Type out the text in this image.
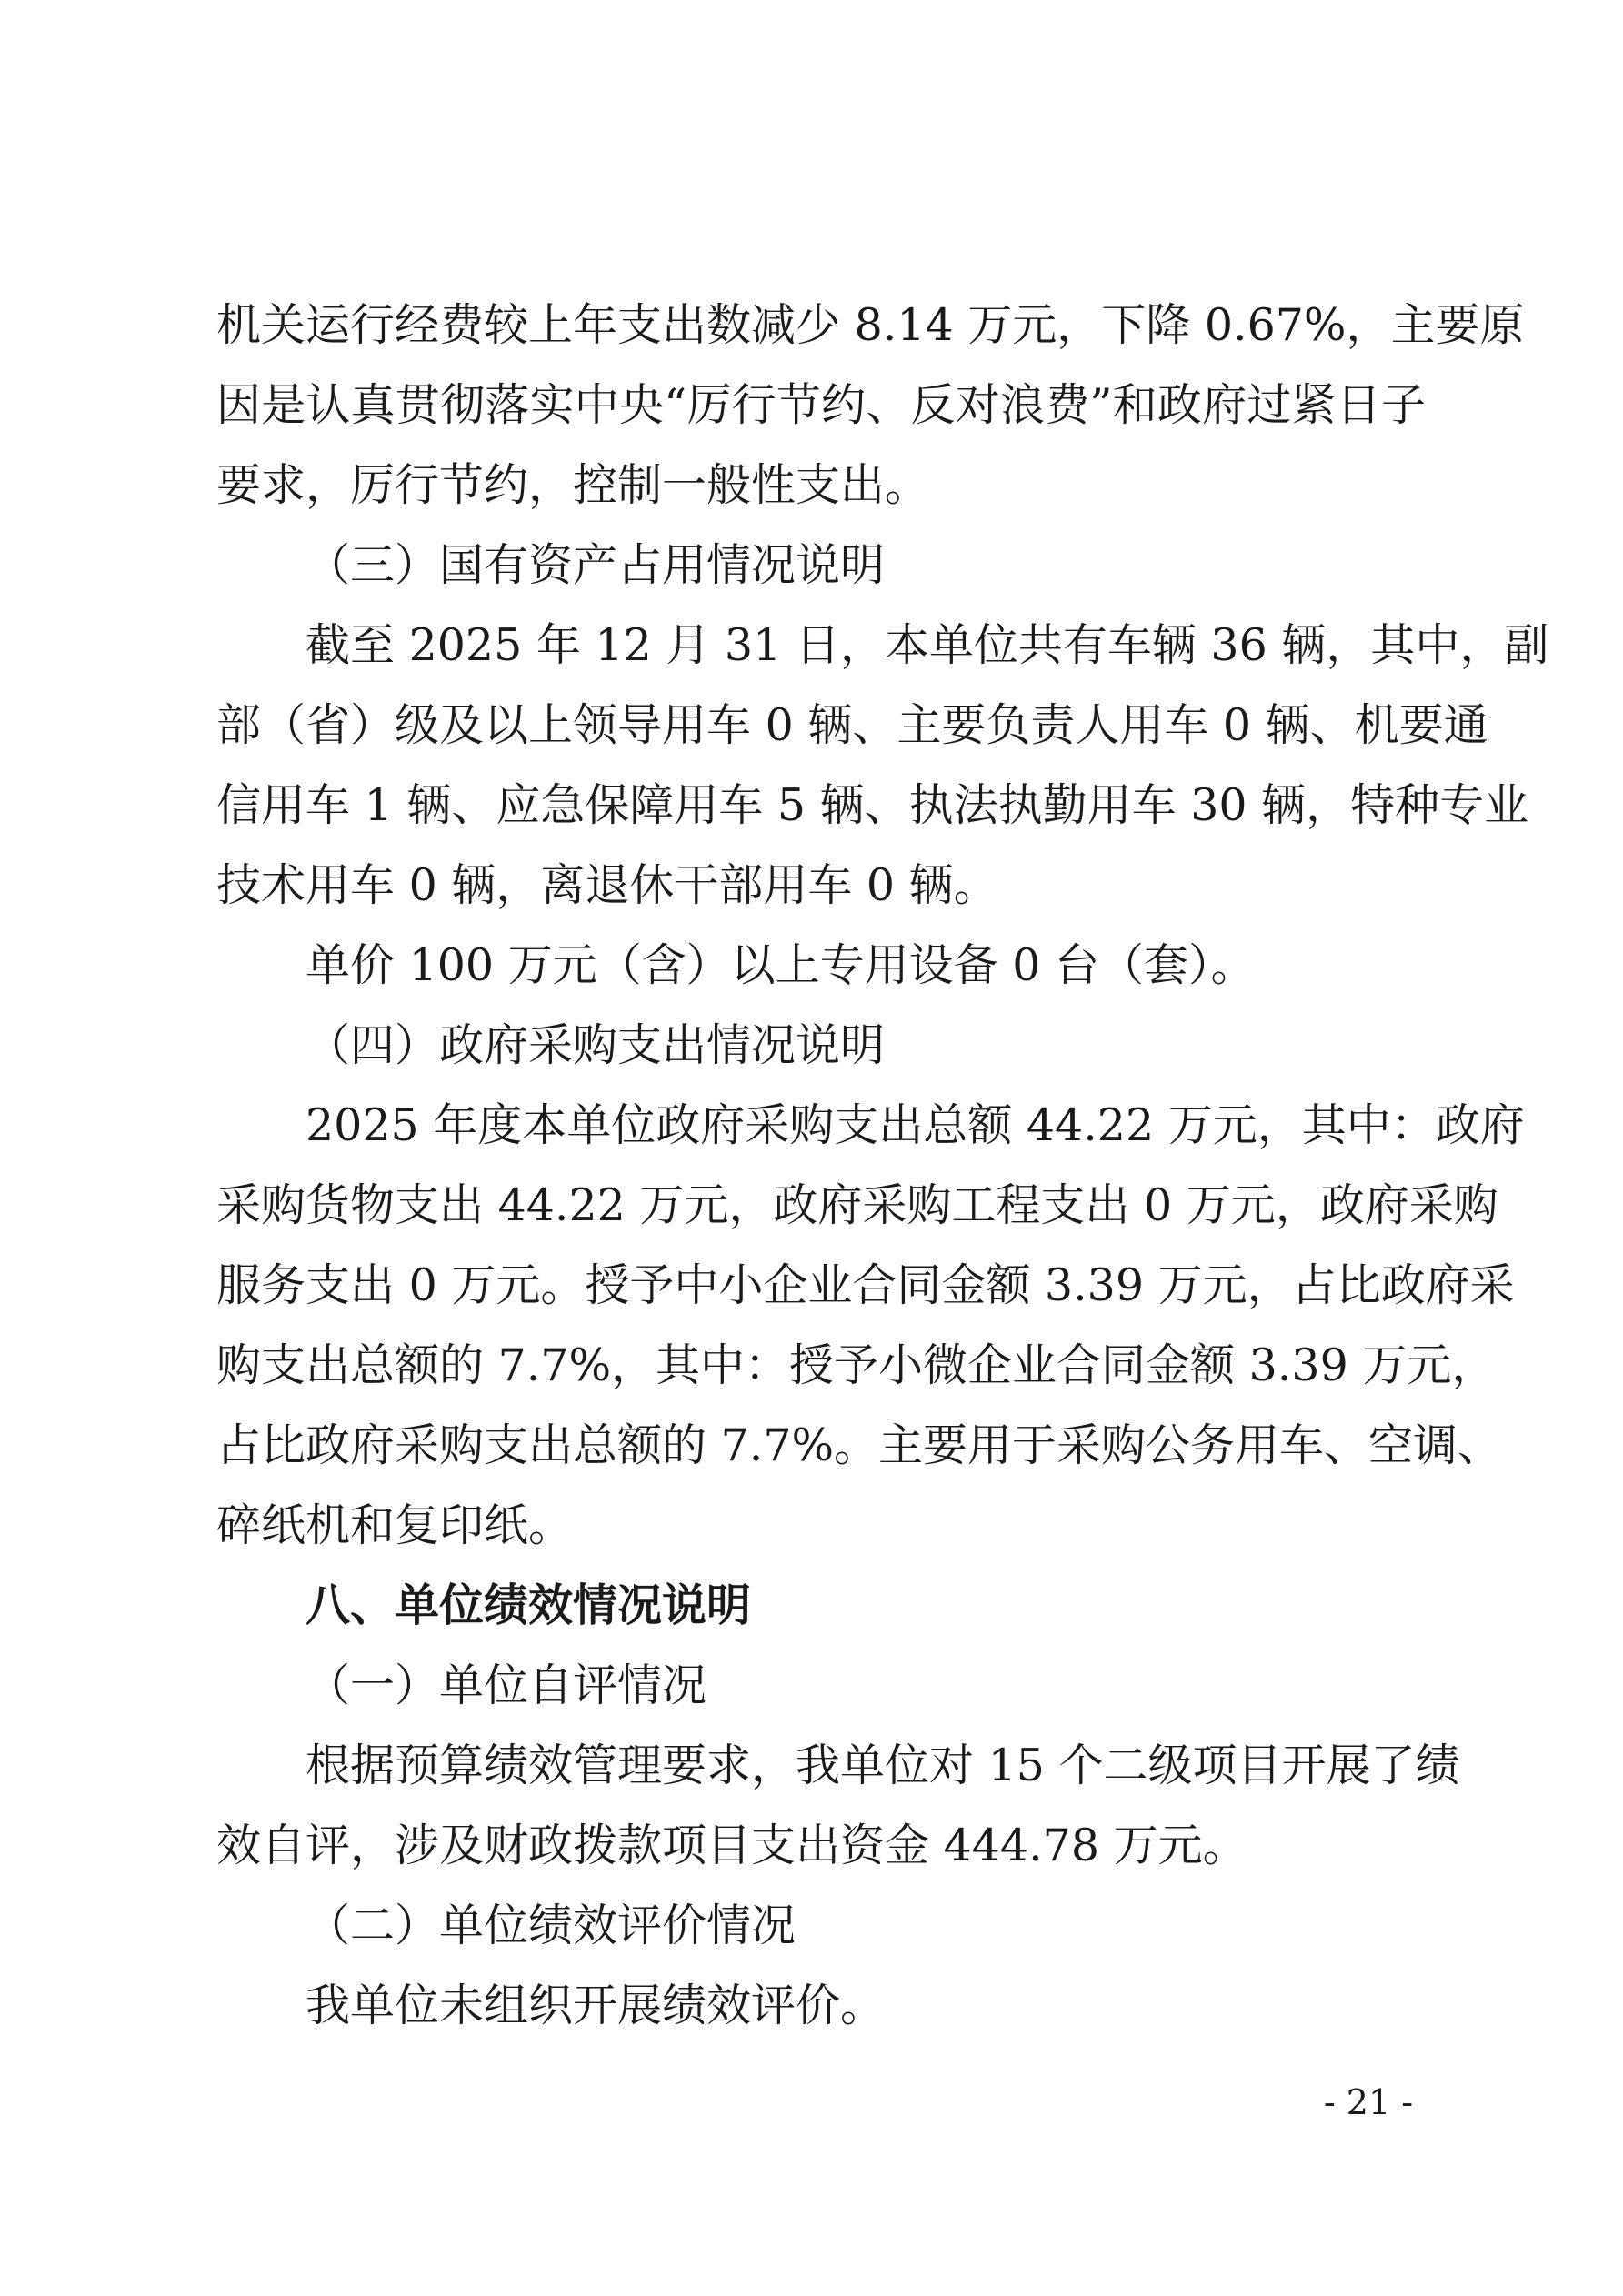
机关运行经费较上年支出数减少 8.14 万元，下降 0.67%，主要原
因是认真贯彻落实中央“厉行节约、反对浪费”和政府过紧日子
要求，厉行节约，控制一般性支出。
（三）国有资产占用情况说明
截至 2025 年 12 月 31 日，本单位共有车辆 36 辆，其中，副
部（省）级及以上领导用车 0 辆、主要负责人用车 0 辆、机要通
信用车 1 辆、应急保障用车 5 辆、执法执勤用车 30 辆，特种专业
技术用车 0 辆，离退休干部用车 0 辆。
单价 100 万元（含）以上专用设备 0 台（套）。
（四）政府采购支出情况说明
2025 年度本单位政府采购支出总额 44.22 万元，其中：政府
采购货物支出 44.22 万元，政府采购工程支出 0 万元，政府采购
服务支出 0 万元。授予中小企业合同金额 3.39 万元，占比政府采
购支出总额的 7.7%，其中：授予小微企业合同金额 3.39 万元，
占比政府采购支出总额的 7.7%。主要用于采购公务用车、空调、
碎纸机和复印纸。
八、单位绩效情况说明
（一）单位自评情况
根据预算绩效管理要求，我单位对 15 个二级项目开展了绩
效自评，涉及财政拨款项目支出资金 444.78 万元。
（二）单位绩效评价情况
我单位未组织开展绩效评价。
- 21 -
